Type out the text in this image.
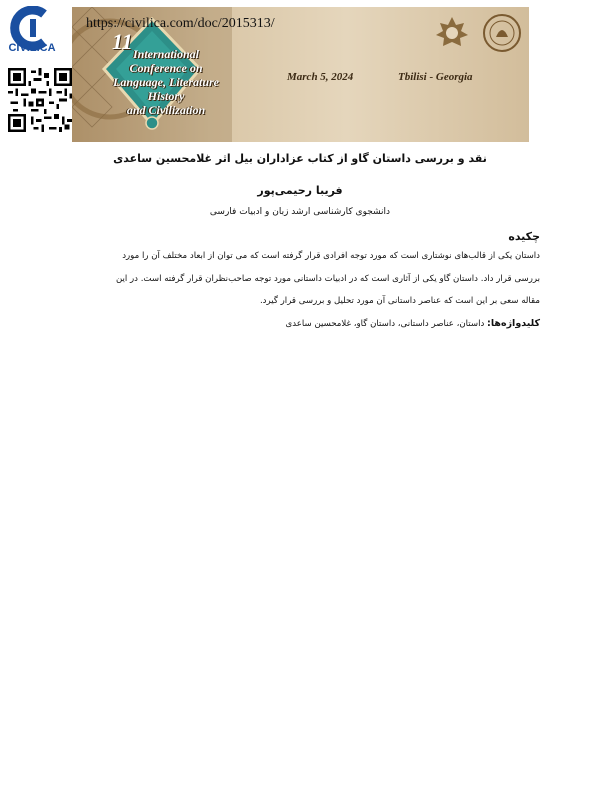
CIVILICA
https://civilica.com/doc/2015313/
11 International
Conference on
Language, Literature
History
and Civilization
March 5, 2024	Tbilisi - Georgia
نقد و بررسی داستان گاو از کتاب عزاداران بیل اثر غلامحسین ساعدی
فریبا رحیمی‌پور
دانشجوی کارشناسی ارشد زبان و ادبیات فارسی
چکیده
داستان یکی از قالب‌های نوشتاری است که مورد توجه افرادی قرار گرفته است که می توان از ابعاد مختلف آن را مورد
بررسی قرار داد. داستان گاو یکی از آثاری است که در ادبیات داستانی مورد توجه صاحب‌نظران قرار گرفته است. در این
مقاله سعی بر این است که عناصر داستانی آن مورد تحلیل و بررسی قرار گیرد.
کلیدواژه‌ها: داستان، عناصر داستانی، داستان گاو، غلامحسین ساعدی
